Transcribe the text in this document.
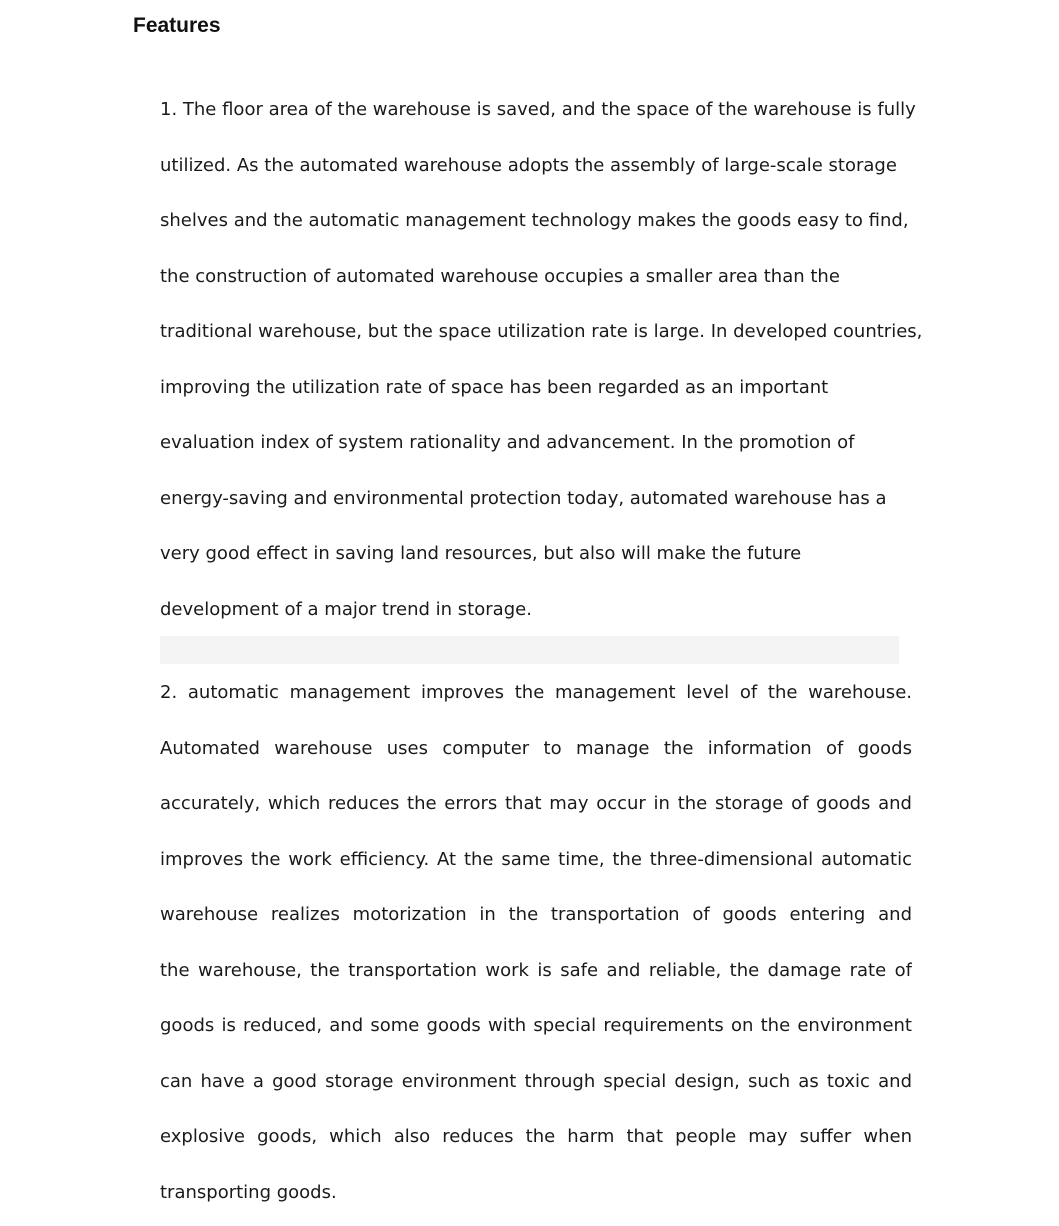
Features

1. The floor area of the warehouse is saved, and the space of the warehouse is fully

utilized. As the automated warehouse adopts the assembly of large-scale storage

shelves and the automatic management technology makes the goods easy to find,

the construction of automated warehouse occupies a smaller area than the

traditional warehouse, but the space utilization rate is large. In developed countries,

improving the utilization rate of space has been regarded as an important

evaluation index of system rationality and advancement. In the promotion of

energy-saving and environmental protection today, automated warehouse has a

very good effect in saving land resources, but also will make the future

development of a major trend in storage.

2. automatic management improves the management level of the warehouse.

Automated warehouse uses computer to manage the information of goods

accurately, which reduces the errors that may occur in the storage of goods and

improves the work efficiency. At the same time, the three-dimensional automatic

warehouse realizes motorization in the transportation of goods entering and

the warehouse, the transportation work is safe and reliable, the damage rate of

goods is reduced, and some goods with special requirements on the environment

can have a good storage environment through special design, such as toxic and

explosive goods, which also reduces the harm that people may suffer when

transporting goods.
